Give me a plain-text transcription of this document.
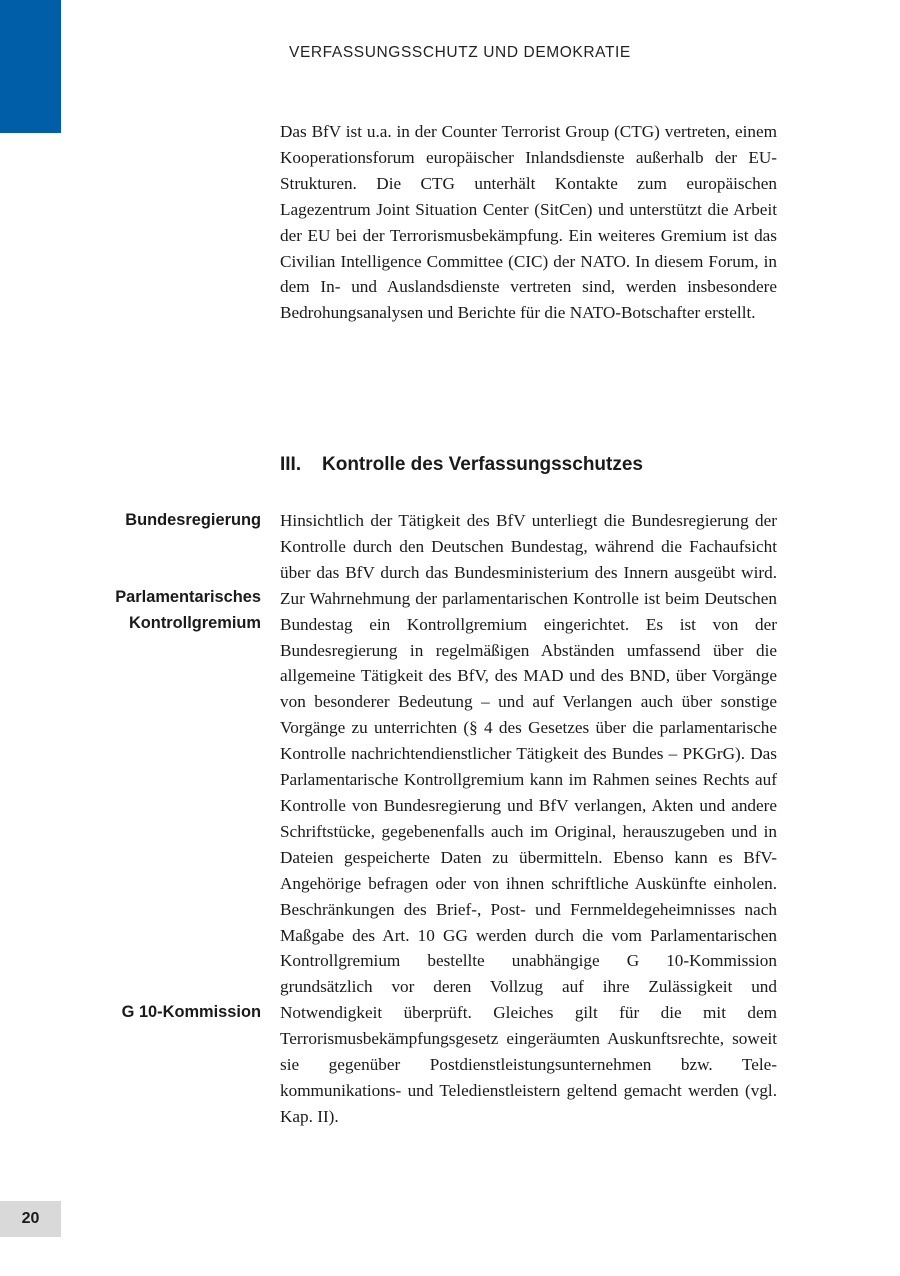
VERFASSUNGSSCHUTZ UND DEMOKRATIE

Das BfV ist u.a. in der Counter Terrorist Group (CTG) vertreten, einem Kooperationsforum europäischer Inlandsdienste außerhalb der EU-Strukturen. Die CTG unterhält Kontakte zum europäischen Lagezentrum Joint Situation Center (SitCen) und unterstützt die Arbeit der EU bei der Terrorismusbekämpfung. Ein weiteres Gremium ist das Civilian Intelligence Committee (CIC) der NATO. In diesem Forum, in dem In- und Auslandsdienste vertreten sind, werden insbesondere Bedrohungsanalysen und Berichte für die NATO-Botschafter erstellt.

III. Kontrolle des Verfassungsschutzes
Bundesregierung
Parlamentarisches
Kontrollgremium
G 10-Kommission

Hinsichtlich der Tätigkeit des BfV unterliegt die Bundesregierung der Kontrolle durch den Deutschen Bundestag, während die Fachaufsicht über das BfV durch das Bundesministerium des Innern ausgeübt wird. Zur Wahrnehmung der parlamentarischen Kontrolle ist beim Deutschen Bundestag ein Kontrollgremium eingerichtet. Es ist von der Bundesregierung in regelmäßigen Abständen umfassend über die allgemeine Tätigkeit des BfV, des MAD und des BND, über Vorgänge von besonderer Bedeutung – und auf Verlangen auch über sonstige Vorgänge zu unterrichten (§ 4 des Gesetzes über die parlamentarische Kontrolle nachrichtendienstlicher Tätigkeit des Bundes – PKGrG). Das Parlamentarische Kontrollgremium kann im Rahmen seines Rechts auf Kontrolle von Bundesregierung und BfV verlangen, Akten und andere Schriftstücke, gegebenenfalls auch im Original, herauszugeben und in Dateien gespeicherte Daten zu übermitteln. Ebenso kann es BfV-Angehörige befragen oder von ihnen schriftliche Auskünfte einholen. Beschränkungen des Brief-, Post- und Fernmeldegeheimnisses nach Maßgabe des Art. 10 GG werden durch die vom Parlamentarischen Kontrollgremium bestellte unabhängige G 10-Kommission grundsätzlich vor deren Vollzug auf ihre Zulässigkeit und Notwendigkeit überprüft. Gleiches gilt für die mit dem Terrorismusbekämpfungsgesetz eingeräumten Auskunftsrechte, soweit sie gegenüber Postdienstleistungsunternehmen bzw. Telekommunikations- und Teledienstleistern geltend gemacht werden (vgl. Kap. II).

20
